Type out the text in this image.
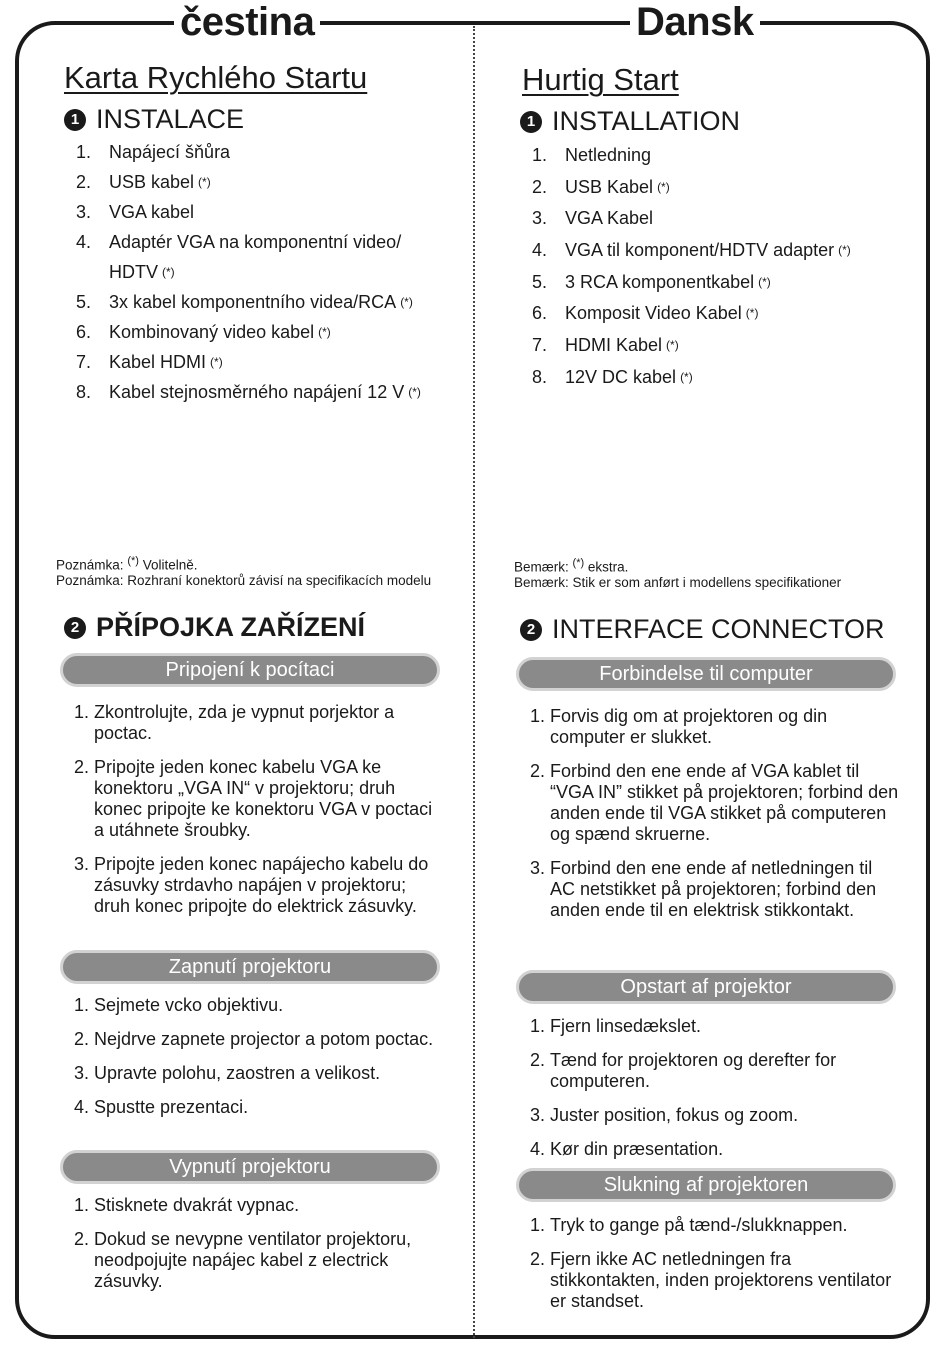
čestina	Dansk
Karta Rychlého Startu
1 INSTALACE
1. Napájecí šňůra
2. USB kabel (*)
3. VGA kabel
4. Adaptér VGA na komponentní video/
HDTV (*)
5. 3x kabel komponentního videa/RCA (*)
6. Kombinovaný video kabel (*)
7. Kabel HDMI (*)
8. Kabel stejnosměrného napájení 12 V (*)
Poznámka: (*) Volitelně.
Poznámka: Rozhraní konektorů závisí na specifikacích modelu
2 PŘÍPOJKA ZAŘÍZENÍ
Pripojení k pocítaci
1. Zkontrolujte, zda je vypnut porjektor a poctac.
2. Pripojte jeden konec kabelu VGA ke konektoru „VGA IN“ v projektoru; druh konec pripojte ke konektoru VGA v poctaci a utáhnete šroubky.
3. Pripojte jeden konec napájecho kabelu do zásuvky strdavho napájen v projektoru; druh konec pripojte do elektrick zásuvky.
Zapnutí projektoru
1. Sejmete vcko objektivu.
2. Nejdrve zapnete projector a potom poctac.
3. Upravte polohu, zaostren a velikost.
4. Spustte prezentaci.
Vypnutí projektoru
1. Stisknete dvakrát vypnac.
2. Dokud se nevypne ventilator projektoru, neodpojujte napájec kabel z electrick zásuvky.
Hurtig Start
1 INSTALLATION
1. Netledning
2. USB Kabel (*)
3. VGA Kabel
4. VGA til komponent/HDTV adapter (*)
5. 3 RCA komponentkabel (*)
6. Komposit Video Kabel (*)
7. HDMI Kabel (*)
8. 12V DC kabel (*)
Bemærk: (*) ekstra.
Bemærk: Stik er som anført i modellens specifikationer
2 INTERFACE CONNECTOR
Forbindelse til computer
1. Forvis dig om at projektoren og din computer er slukket.
2. Forbind den ene ende af VGA kablet til “VGA IN” stikket på projektoren; forbind den anden ende til VGA stikket på computeren og spænd skruerne.
3. Forbind den ene ende af netledningen til AC netstikket på projektoren; forbind den anden ende til en elektrisk stikkontakt.
Opstart af projektor
1. Fjern linsedækslet.
2. Tænd for projektoren og derefter for computeren.
3. Juster position, fokus og zoom.
4. Kør din præsentation.
Slukning af projektoren
1. Tryk to gange på tænd-/slukknappen.
2. Fjern ikke AC netledningen fra stikkontakten, inden projektorens ventilator er standset.
